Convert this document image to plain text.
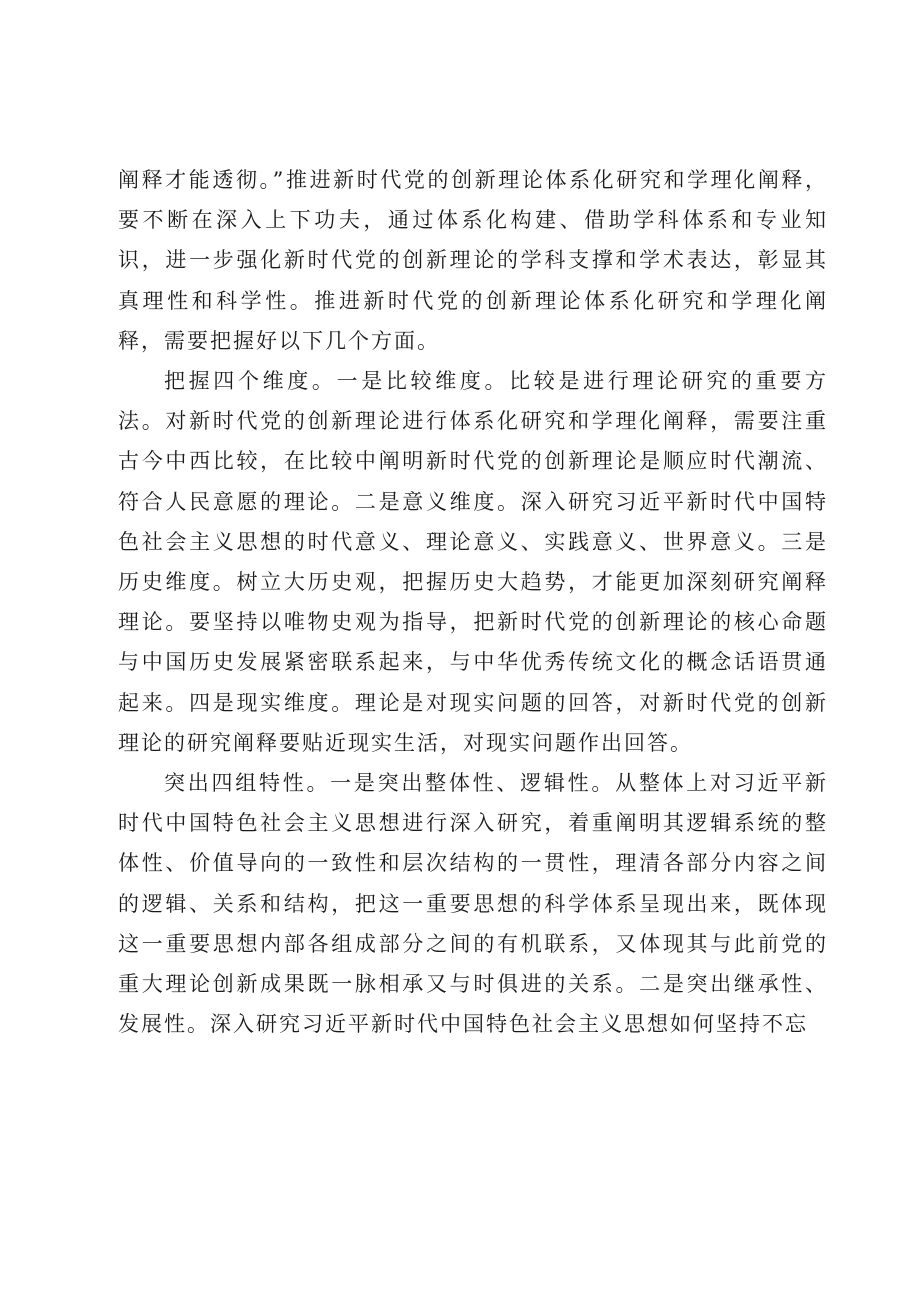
阐释才能透彻。”推进新时代党的创新理论体系化研究和学理化阐释，要不断在深入上下功夫，通过体系化构建、借助学科体系和专业知识，进一步强化新时代党的创新理论的学科支撑和学术表达，彰显其真理性和科学性。推进新时代党的创新理论体系化研究和学理化阐释，需要把握好以下几个方面。

把握四个维度。一是比较维度。比较是进行理论研究的重要方法。对新时代党的创新理论进行体系化研究和学理化阐释，需要注重古今中西比较，在比较中阐明新时代党的创新理论是顺应时代潮流、符合人民意愿的理论。二是意义维度。深入研究习近平新时代中国特色社会主义思想的时代意义、理论意义、实践意义、世界意义。三是历史维度。树立大历史观，把握历史大趋势，才能更加深刻研究阐释理论。要坚持以唯物史观为指导，把新时代党的创新理论的核心命题与中国历史发展紧密联系起来，与中华优秀传统文化的概念话语贯通起来。四是现实维度。理论是对现实问题的回答，对新时代党的创新理论的研究阐释要贴近现实生活，对现实问题作出回答。

突出四组特性。一是突出整体性、逻辑性。从整体上对习近平新时代中国特色社会主义思想进行深入研究，着重阐明其逻辑系统的整体性、价值导向的一致性和层次结构的一贯性，理清各部分内容之间的逻辑、关系和结构，把这一重要思想的科学体系呈现出来，既体现这一重要思想内部各组成部分之间的有机联系，又体现其与此前党的重大理论创新成果既一脉相承又与时俱进的关系。二是突出继承性、发展性。深入研究习近平新时代中国特色社会主义思想如何坚持不忘
